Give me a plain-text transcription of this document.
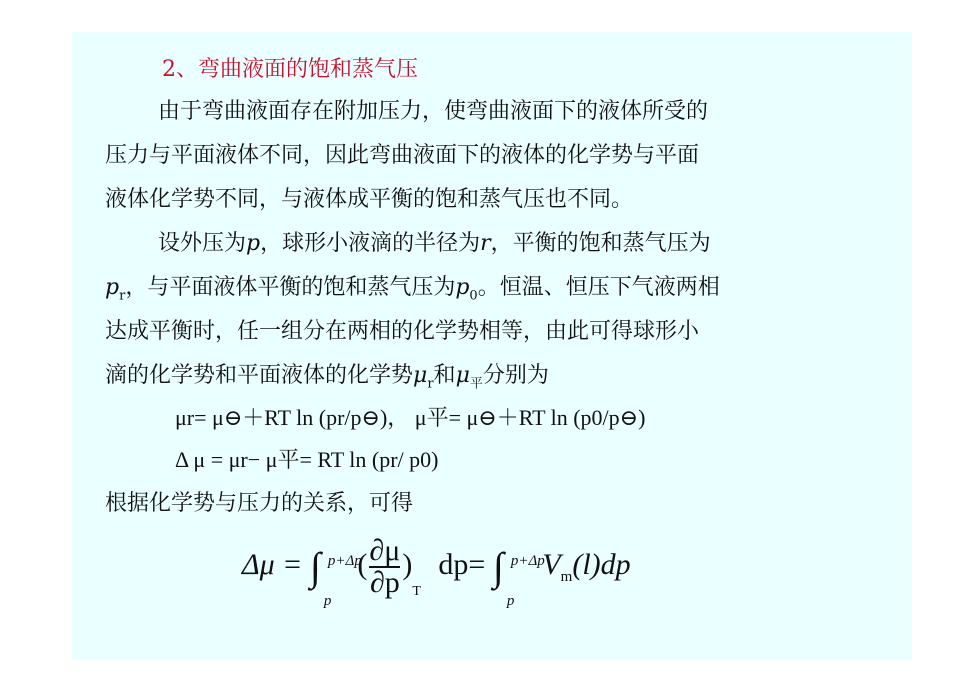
2、弯曲液面的饱和蒸气压
由于弯曲液面存在附加压力，使弯曲液面下的液体所受的
压力与平面液体不同，因此弯曲液面下的液体的化学势与平面
液体化学势不同，与液体成平衡的饱和蒸气压也不同。
设外压为p，球形小液滴的半径为r，平衡的饱和蒸气压为
$p_r$，与平面液体平衡的饱和蒸气压为$p_0$。恒温、恒压下气液两相
达成平衡时，任一组分在两相的化学势相等，由此可得球形小
滴的化学势和平面液体的化学势$\mu_r$和$\mu_平$分别为
μr= μ⊖＋RT ln (pr/p⊖)， μ平= μ⊖＋RT ln (p0/p⊖)
Δ μ = μr− μ平= RT ln (pr/ p0)
根据化学势与压力的关系，可得
Δμ = ∫ p+Δp
p
( $\frac{\partial\mu}{\partial p} )_T$ dp= ∫ p+Δp
p
$V_m(l)dp$
